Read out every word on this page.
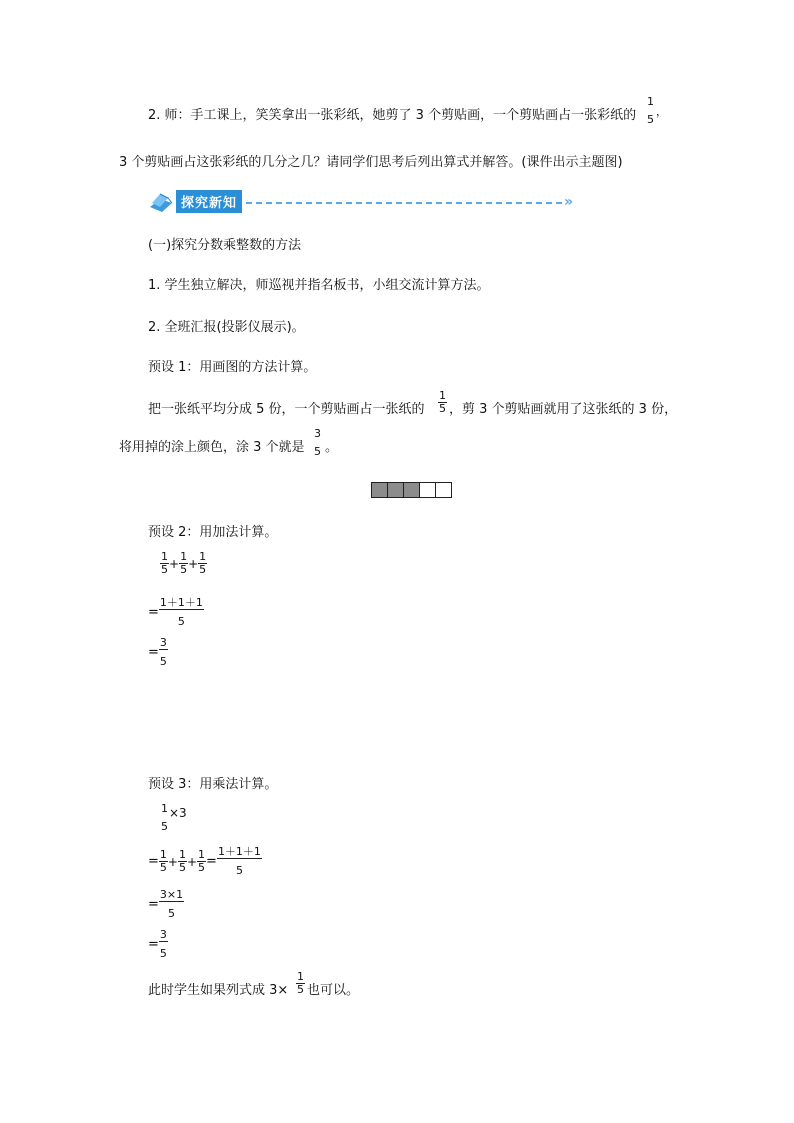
2. 师：手工课上，笑笑拿出一张彩纸，她剪了 3 个剪贴画，一个剪贴画占一张彩纸的
1
5
，
3 个剪贴画占这张彩纸的几分之几？请同学们思考后列出算式并解答。(课件出示主题图)
探究新知	»
(一)探究分数乘整数的方法
1. 学生独立解决，师巡视并指名板书，小组交流计算方法。
2. 全班汇报(投影仪展示)。
预设 1：用画图的方法计算。
把一张纸平均分成 5 份，一个剪贴画占一张纸的
1
5 ，剪 3 个剪贴画就用了这张纸的 3 份，
将用掉的涂上颜色，涂 3 个就是
3
5 。
预设 2：用加法计算。
$\frac{1}{5} + \frac{1}{5} + \frac{1}{5}$
= $\frac{1+1+1}{5}$
= $\frac{3}{5}$
预设 3：用乘法计算。
1
5
×3
= $\frac{1}{5} + \frac{1}{5} + \frac{1}{5} = \frac{1+1+1}{5}$
= $\frac{3\times 1}{5}$
= $\frac{3}{5}$
此时学生如果列式成 3×
1
5 也可以。
